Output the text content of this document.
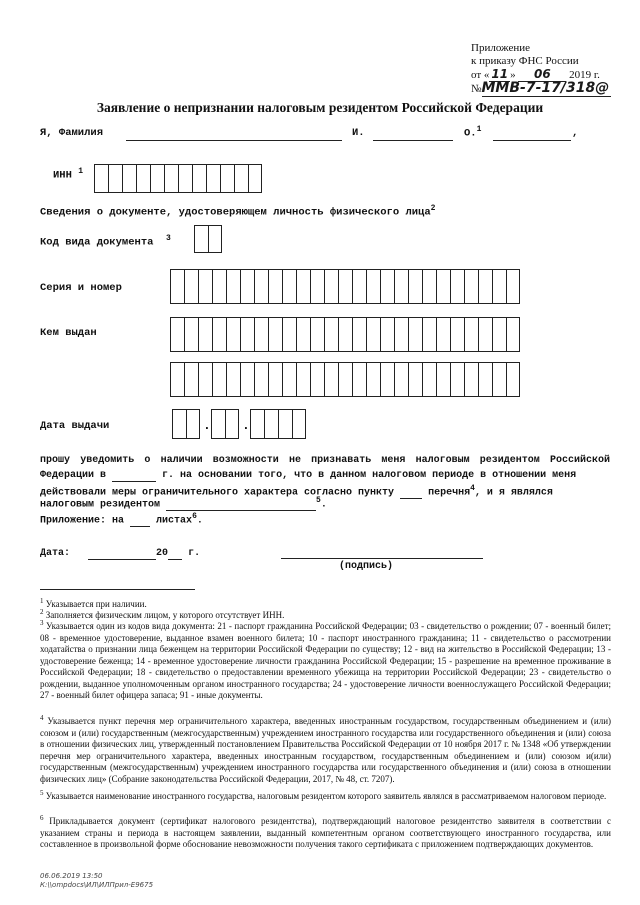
Приложение
к приказу ФНС России
от « 11 » 06 2019 г.
№ММВ-7-17/318@
Заявление о непризнании налоговым резидентом Российской Федерации
Я, Фамилия	И.	О.$^1$	,
ИНН $^1$
Сведения о документе, удостоверяющем личность физического лица$^2$
Код вида документа $^3$
Серия и номер
Кем выдан
Дата выдачи	. .
прошу уведомить о наличии возможности не признавать меня налоговым резидентом Российской
Федерации в	г. на основании того, что в данном налоговом периоде в отношении меня
действовали меры ограничительного характера согласно пункту	перечня$^4$, и я являлся
налоговым резидентом	$^5$.
Приложение: на	листах$^6$.
Дата:	20 г.
(подпись)
$^1$ Указывается при наличии.
$^2$ Заполняется физическим лицом, у которого отсутствует ИНН.
$^3$ Указывается один из кодов вида документа: 21 - паспорт гражданина Российской Федерации; 03 - свидетельство о рождении; 07 - военный билет; 08 - временное удостоверение, выданное взамен военного билета; 10 - паспорт иностранного гражданина; 11 - свидетельство о рассмотрении ходатайства о признании лица беженцем на территории Российской Федерации по существу; 12 - вид на жительство в Российской Федерации; 13 - удостоверение беженца; 14 - временное удостоверение личности гражданина Российской Федерации; 15 - разрешение на временное проживание в Российской Федерации; 18 - свидетельство о предоставлении временного убежища на территории Российской Федерации; 23 - свидетельство о рождении, выданное уполномоченным органом иностранного государства; 24 - удостоверение личности военнослужащего Российской Федерации; 27 - военный билет офицера запаса; 91 - иные документы.
$^4$ Указывается пункт перечня мер ограничительного характера, введенных иностранным государством, государственным объединением и (или) союзом и (или) государственным (межгосударственным) учреждением иностранного государства или государственного объединения и (или) союза в отношении физических лиц, утвержденный постановлением Правительства Российской Федерации от 10 ноября 2017 г. № 1348 «Об утверждении перечня мер ограничительного характера, введенных иностранным государством, государственным объединением и (или) союзом и(или) государственным (межгосударственным) учреждением иностранного государства или государственного объединения и (или) союза в отношении физических лиц» (Собрание законодательства Российской Федерации, 2017, № 48, ст. 7207).
$^5$ Указывается наименование иностранного государства, налоговым резидентом которого заявитель являлся в рассматриваемом налоговом периоде.
$^6$ Прикладывается документ (сертификат налогового резидентства), подтверждающий налоговое резидентство заявителя в соответствии с указанием страны и периода в настоящем заявлении, выданный компетентным органом соответствующего иностранного государства, или составленное в произвольной форме обоснование невозможности получения такого сертификата с приложением подтверждающих документов.
06.06.2019 13:50
К:\\ompdocs\ИЛ\ИЛПрил-E9675
